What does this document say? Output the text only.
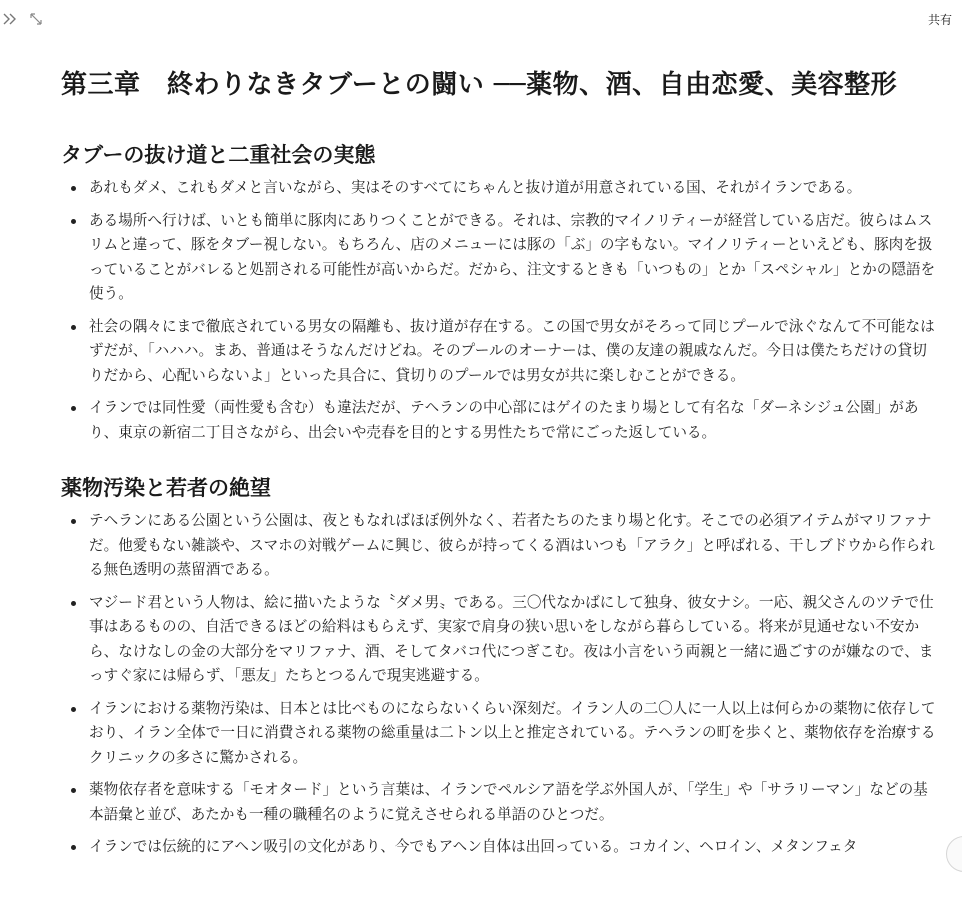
共有
第三章　終わりなきタブーとの闘い ──薬物、酒、自由恋愛、美容整形
タブーの抜け道と二重社会の実態
あれもダメ、これもダメと言いながら、実はそのすべてにちゃんと抜け道が用意されている国、それがイランである。
ある場所へ行けば、いとも簡単に豚肉にありつくことができる。それは、宗教的マイノリティーが経営している店だ。彼らはムスリムと違って、豚をタブー視しない。もちろん、店のメニューには豚の「ぶ」の字もない。マイノリティーといえども、豚肉を扱っていることがバレると処罰される可能性が高いからだ。だから、注文するときも「いつもの」とか「スペシャル」とかの隠語を使う。
社会の隅々にまで徹底されている男女の隔離も、抜け道が存在する。この国で男女がそろって同じプールで泳ぐなんて不可能なはずだが、「ハハハ。まあ、普通はそうなんだけどね。そのプールのオーナーは、僕の友達の親戚なんだ。今日は僕たちだけの貸切りだから、心配いらないよ」といった具合に、貸切りのプールでは男女が共に楽しむことができる。
イランでは同性愛（両性愛も含む）も違法だが、テヘランの中心部にはゲイのたまり場として有名な「ダーネシジュ公園」があり、東京の新宿二丁目さながら、出会いや売春を目的とする男性たちで常にごった返している。
薬物汚染と若者の絶望
テヘランにある公園という公園は、夜ともなればほぼ例外なく、若者たちのたまり場と化す。そこでの必須アイテムがマリファナだ。他愛もない雑談や、スマホの対戦ゲームに興じ、彼らが持ってくる酒はいつも「アラク」と呼ばれる、干しブドウから作られる無色透明の蒸留酒である。
マジード君という人物は、絵に描いたような〝ダメ男〟である。三〇代なかばにして独身、彼女ナシ。一応、親父さんのツテで仕事はあるものの、自活できるほどの給料はもらえず、実家で肩身の狭い思いをしながら暮らしている。将来が見通せない不安から、なけなしの金の大部分をマリファナ、酒、そしてタバコ代につぎこむ。夜は小言をいう両親と一緒に過ごすのが嫌なので、まっすぐ家には帰らず、「悪友」たちとつるんで現実逃避する。
イランにおける薬物汚染は、日本とは比べものにならないくらい深刻だ。イラン人の二〇人に一人以上は何らかの薬物に依存しており、イラン全体で一日に消費される薬物の総重量は二トン以上と推定されている。テヘランの町を歩くと、薬物依存を治療するクリニックの多さに驚かされる。
薬物依存者を意味する「モオタード」という言葉は、イランでペルシア語を学ぶ外国人が、「学生」や「サラリーマン」などの基本語彙と並び、あたかも一種の職種名のように覚えさせられる単語のひとつだ。
イランでは伝統的にアヘン吸引の文化があり、今でもアヘン自体は出回っている。コカイン、ヘロイン、メタンフェタ
